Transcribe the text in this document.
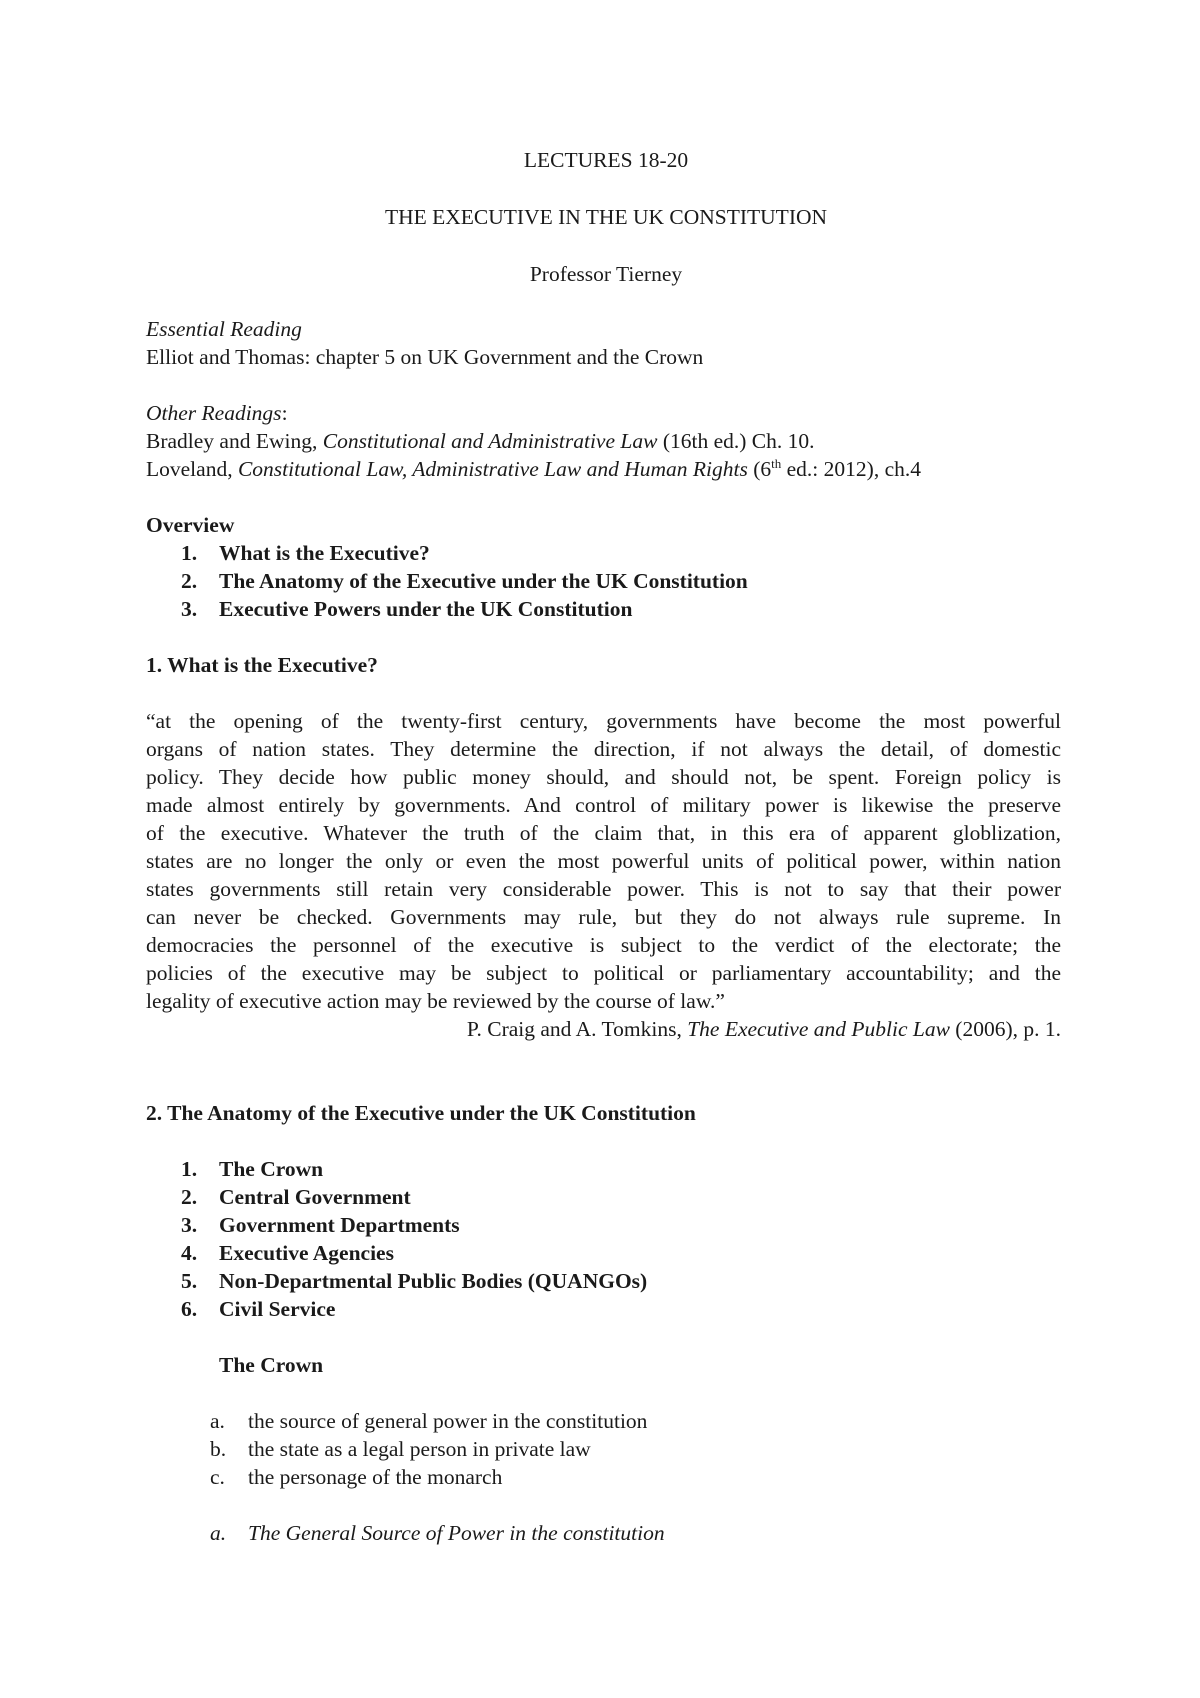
LECTURES 18-20
THE EXECUTIVE IN THE UK CONSTITUTION
Professor Tierney
Essential Reading
Elliot and Thomas: chapter 5 on UK Government and the Crown
Other Readings:
Bradley and Ewing, Constitutional and Administrative Law (16th ed.) Ch. 10.
Loveland, Constitutional Law, Administrative Law and Human Rights (6th ed.: 2012), ch.4
Overview
1. What is the Executive?
2. The Anatomy of the Executive under the UK Constitution
3. Executive Powers under the UK Constitution
1. What is the Executive?
“at the opening of the twenty-first century, governments have become the most powerful
organs of nation states. They determine the direction, if not always the detail, of domestic
policy. They decide how public money should, and should not, be spent. Foreign policy is
made almost entirely by governments. And control of military power is likewise the preserve
of the executive. Whatever the truth of the claim that, in this era of apparent globlization,
states are no longer the only or even the most powerful units of political power, within nation
states governments still retain very considerable power. This is not to say that their power
can never be checked. Governments may rule, but they do not always rule supreme. In
democracies the personnel of the executive is subject to the verdict of the electorate; the
policies of the executive may be subject to political or parliamentary accountability; and the
legality of executive action may be reviewed by the course of law.”
P. Craig and A. Tomkins, The Executive and Public Law (2006), p. 1.
2. The Anatomy of the Executive under the UK Constitution
1. The Crown
2. Central Government
3. Government Departments
4. Executive Agencies
5. Non-Departmental Public Bodies (QUANGOs)
6. Civil Service
The Crown
a. the source of general power in the constitution
b. the state as a legal person in private law
c. the personage of the monarch
a. The General Source of Power in the constitution
